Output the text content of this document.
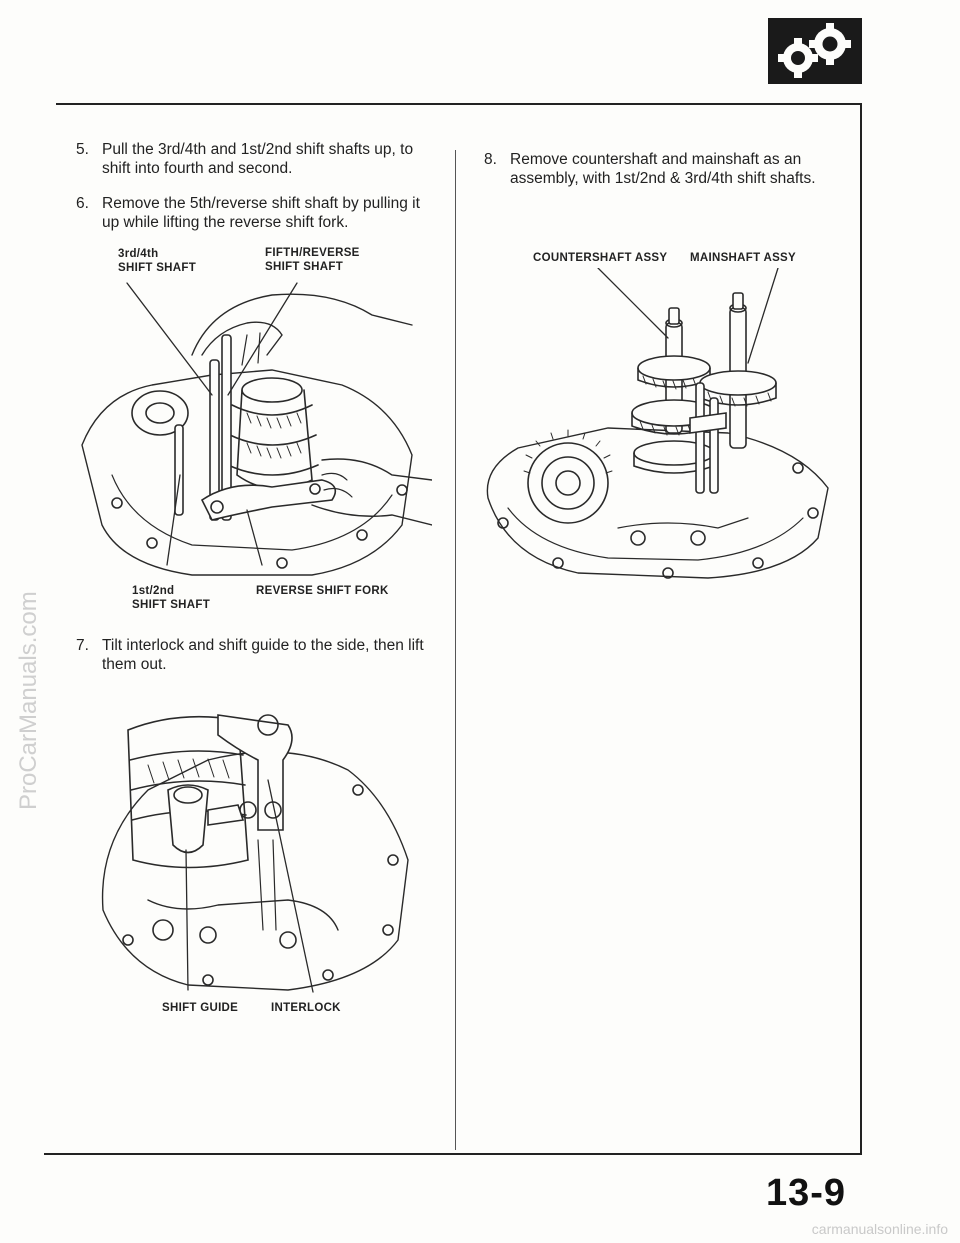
ProCarManuals.com
5. Pull the 3rd/4th and 1st/2nd shift shafts up, to shift into fourth and second.
6. Remove the 5th/reverse shift shaft by pulling it up while lifting the reverse shift fork.
3rd/4th
SHIFT SHAFT
FIFTH/REVERSE
SHIFT SHAFT
1st/2nd
SHIFT SHAFT
REVERSE SHIFT FORK
7. Tilt interlock and shift guide to the side, then lift them out.
SHIFT GUIDE	INTERLOCK
8. Remove countershaft and mainshaft as an assembly, with 1st/2nd & 3rd/4th shift shafts.
COUNTERSHAFT ASSY MAINSHAFT ASSY
13-9
carmanualsonline.info
